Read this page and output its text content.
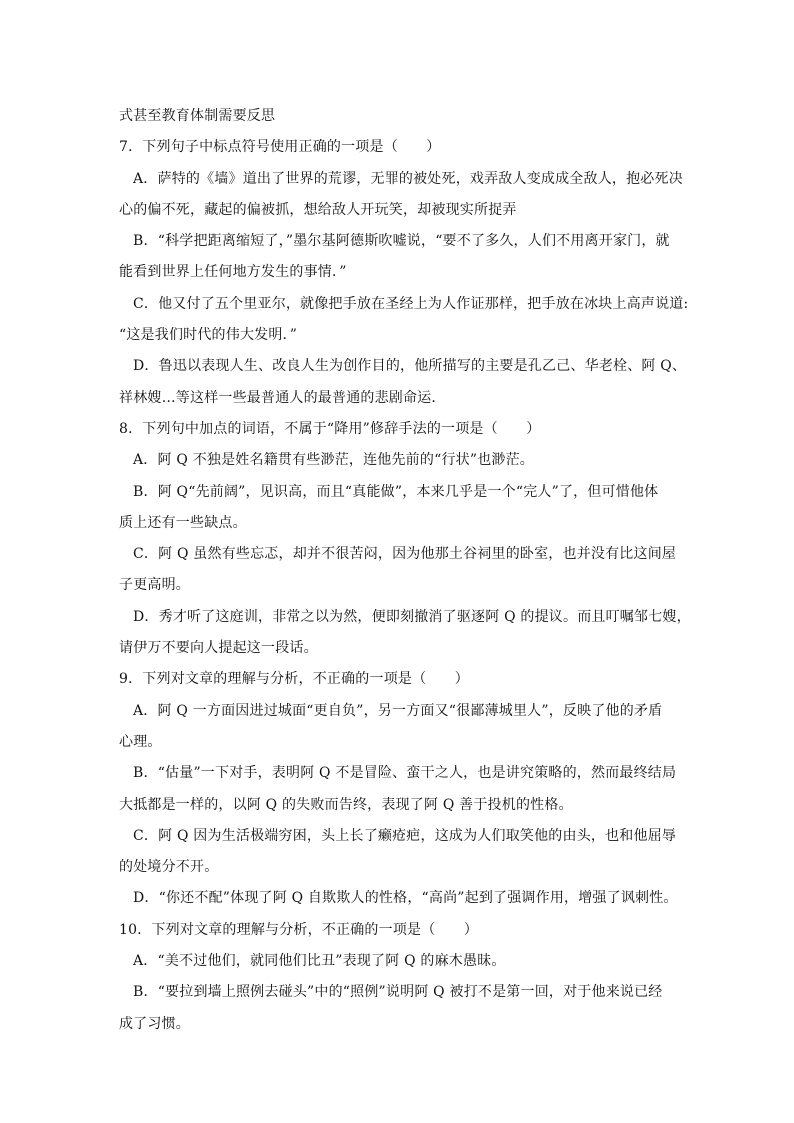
式甚至教育体制需要反思
7．下列句子中标点符号使用正确的一项是（　　）
A．萨特的《墙》道出了世界的荒谬，无罪的被处死，戏弄敌人变成成全敌人，抱必死决
心的偏不死，藏起的偏被抓，想给敌人开玩笑，却被现实所捉弄
B．“科学把距离缩短了，”墨尔基阿德斯吹嘘说，“要不了多久，人们不用离开家门，就
能看到世界上任何地方发生的事情．”
C．他又付了五个里亚尔，就像把手放在圣经上为人作证那样，把手放在冰块上高声说道:
“这是我们时代的伟大发明．”
D．鲁迅以表现人生、改良人生为创作目的，他所描写的主要是孔乙己、华老栓、阿 Q、
祥林嫂…等这样一些最普通人的最普通的悲剧命运．
8．下列句中加点的词语，不属于“降用”修辞手法的一项是（　　）
A．阿 Q 不独是姓名籍贯有些渺茫，连他先前的“行状”也渺茫。
B．阿 Q“先前阔”，见识高，而且“真能做”，本来几乎是一个“完人”了，但可惜他体
质上还有一些缺点。
C．阿 Q 虽然有些忘忑，却并不很苦闷，因为他那土谷祠里的卧室，也并没有比这间屋
子更高明。
D．秀才听了这庭训，非常之以为然，便即刻撤消了驱逐阿 Q 的提议。而且叮嘱邹七嫂，
请伊万不要向人提起这一段话。
9．下列对文章的理解与分析，不正确的一项是（　　）
A．阿 Q 一方面因进过城面“更自负”，另一方面又“很鄙薄城里人”，反映了他的矛盾
心理。
B．“估量”一下对手，表明阿 Q 不是冒险、蛮干之人，也是讲究策略的，然而最终结局
大抵都是一样的，以阿 Q 的失败而告终，表现了阿 Q 善于投机的性格。
C．阿 Q 因为生活极端穷困，头上长了癞疮疤，这成为人们取笑他的由头，也和他屈辱
的处境分不开。
D．“你还不配”体现了阿 Q 自欺欺人的性格，“高尚”起到了强调作用，增强了讽刺性。
10．下列对文章的理解与分析，不正确的一项是（　　）
A．“美不过他们，就同他们比丑”表现了阿 Q 的麻木愚昧。
B．“要拉到墙上照例去碰头”中的“照例”说明阿 Q 被打不是第一回，对于他来说已经
成了习惯。
